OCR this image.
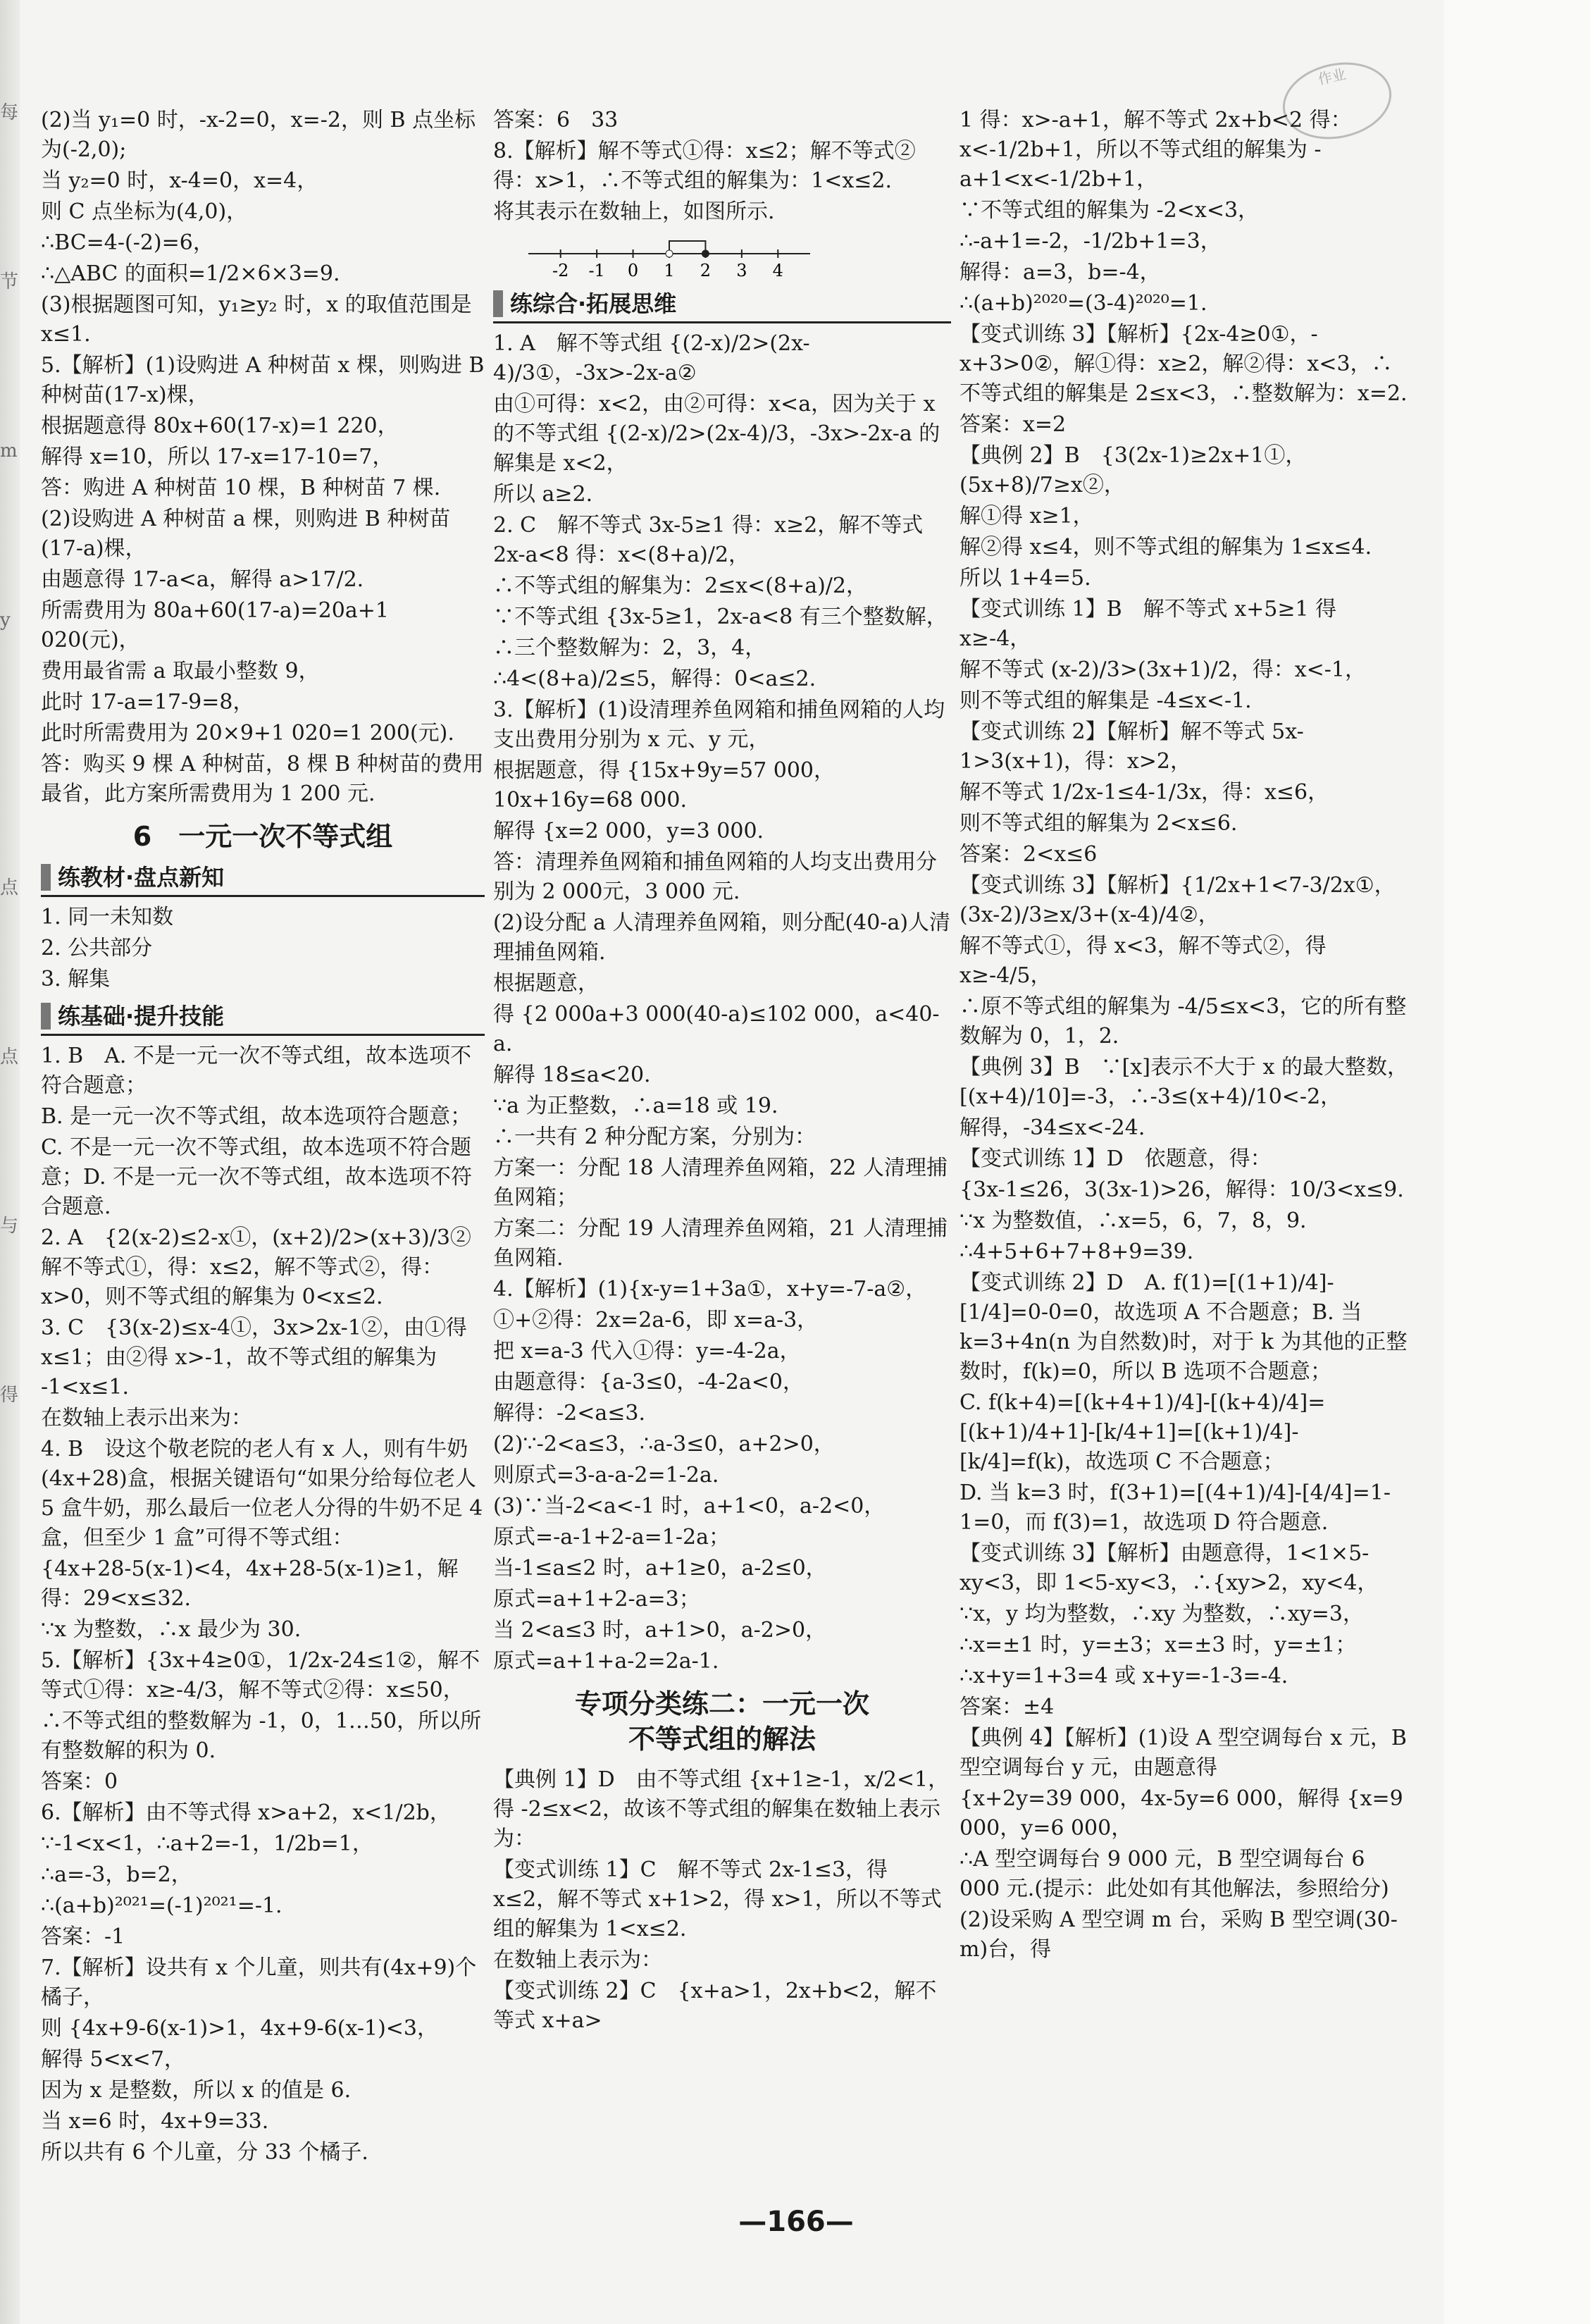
每
节
m
y
点
点
与
得
作业

(2)当 y₁=0 时，-x-2=0，x=-2，则 B 点坐标为(-2,0);

当 y₂=0 时，x-4=0，x=4，

则 C 点坐标为(4,0)，

∴BC=4-(-2)=6，

∴△ABC 的面积=1/2×6×3=9.

(3)根据题图可知，y₁≥y₂ 时，x 的取值范围是 x≤1.

5.【解析】(1)设购进 A 种树苗 x 棵，则购进 B 种树苗(17-x)棵，

根据题意得 80x+60(17-x)=1 220，

解得 x=10，所以 17-x=17-10=7，

答：购进 A 种树苗 10 棵，B 种树苗 7 棵.

(2)设购进 A 种树苗 a 棵，则购进 B 种树苗(17-a)棵，

由题意得 17-a<a，解得 a>17/2.

所需费用为 80a+60(17-a)=20a+1 020(元)，

费用最省需 a 取最小整数 9，

此时 17-a=17-9=8，

此时所需费用为 20×9+1 020=1 200(元).

答：购买 9 棵 A 种树苗，8 棵 B 种树苗的费用最省，此方案所需费用为 1 200 元.

6　一元一次不等式组
练教材·盘点新知

1. 同一未知数

2. 公共部分

3. 解集

练基础·提升技能

1. B　A. 不是一元一次不等式组，故本选项不符合题意；

B. 是一元一次不等式组，故本选项符合题意；

C. 不是一元一次不等式组，故本选项不符合题意；D. 不是一元一次不等式组，故本选项不符合题意.

2. A　{2(x-2)≤2-x①，(x+2)/2>(x+3)/3②　解不等式①，得：x≤2，解不等式②，得：x>0，则不等式组的解集为 0<x≤2.

3. C　{3(x-2)≤x-4①，3x>2x-1②，由①得 x≤1；由②得 x>-1，故不等式组的解集为 -1<x≤1.

在数轴上表示出来为：

4. B　设这个敬老院的老人有 x 人，则有牛奶(4x+28)盒，根据关键语句“如果分给每位老人 5 盒牛奶，那么最后一位老人分得的牛奶不足 4 盒，但至少 1 盒”可得不等式组：

{4x+28-5(x-1)<4，4x+28-5(x-1)≥1，解得：29<x≤32.

∵x 为整数，∴x 最少为 30.

5.【解析】{3x+4≥0①，1/2x-24≤1②，解不等式①得：x≥-4/3，解不等式②得：x≤50，

∴不等式组的整数解为 -1，0，1…50，所以所有整数解的积为 0.

答案：0

6.【解析】由不等式得 x>a+2，x<1/2b，

∵-1<x<1，∴a+2=-1，1/2b=1，

∴a=-3，b=2，

∴(a+b)²⁰²¹=(-1)²⁰²¹=-1.

答案：-1

7.【解析】设共有 x 个儿童，则共有(4x+9)个橘子，

则 {4x+9-6(x-1)>1，4x+9-6(x-1)<3，

解得 5<x<7，

因为 x 是整数，所以 x 的值是 6.

当 x=6 时，4x+9=33.

所以共有 6 个儿童，分 33 个橘子.

答案：6　33

8.【解析】解不等式①得：x≤2；解不等式②得：x>1，∴不等式组的解集为：1<x≤2.

将其表示在数轴上，如图所示.

-2 -1 0 1 2 3 4
练综合·拓展思维

1. A　解不等式组 {(2-x)/2>(2x-4)/3①，-3x>-2x-a②

由①可得：x<2，由②可得：x<a，因为关于 x 的不等式组 {(2-x)/2>(2x-4)/3，-3x>-2x-a 的解集是 x<2，

所以 a≥2.

2. C　解不等式 3x-5≥1 得：x≥2，解不等式 2x-a<8 得：x<(8+a)/2，

∴不等式组的解集为：2≤x<(8+a)/2，

∵不等式组 {3x-5≥1，2x-a<8 有三个整数解，

∴三个整数解为：2，3，4，

∴4<(8+a)/2≤5，解得：0<a≤2.

3.【解析】(1)设清理养鱼网箱和捕鱼网箱的人均支出费用分别为 x 元、y 元，

根据题意，得 {15x+9y=57 000，10x+16y=68 000.

解得 {x=2 000，y=3 000.

答：清理养鱼网箱和捕鱼网箱的人均支出费用分别为 2 000元，3 000 元.

(2)设分配 a 人清理养鱼网箱，则分配(40-a)人清理捕鱼网箱.

根据题意，

得 {2 000a+3 000(40-a)≤102 000，a<40-a.

解得 18≤a<20.

∵a 为正整数，∴a=18 或 19.

∴一共有 2 种分配方案，分别为：

方案一：分配 18 人清理养鱼网箱，22 人清理捕鱼网箱；

方案二：分配 19 人清理养鱼网箱，21 人清理捕鱼网箱.

4.【解析】(1){x-y=1+3a①，x+y=-7-a②，

①+②得：2x=2a-6，即 x=a-3，

把 x=a-3 代入①得：y=-4-2a，

由题意得：{a-3≤0，-4-2a<0，

解得：-2<a≤3.

(2)∵-2<a≤3，∴a-3≤0，a+2>0，

则原式=3-a-a-2=1-2a.

(3)∵当-2<a<-1 时，a+1<0，a-2<0，

原式=-a-1+2-a=1-2a；

当-1≤a≤2 时，a+1≥0，a-2≤0，

原式=a+1+2-a=3；

当 2<a≤3 时，a+1>0，a-2>0，

原式=a+1+a-2=2a-1.

专项分类练二：一元一次
不等式组的解法

【典例 1】D　由不等式组 {x+1≥-1，x/2<1，得 -2≤x<2，故该不等式组的解集在数轴上表示为：

【变式训练 1】C　解不等式 2x-1≤3，得 x≤2，解不等式 x+1>2，得 x>1，所以不等式组的解集为 1<x≤2.

在数轴上表示为：

【变式训练 2】C　{x+a>1，2x+b<2，解不等式 x+a>

1 得：x>-a+1，解不等式 2x+b<2 得：x<-1/2b+1，所以不等式组的解集为 -a+1<x<-1/2b+1，

∵不等式组的解集为 -2<x<3，

∴-a+1=-2，-1/2b+1=3，

解得：a=3，b=-4，

∴(a+b)²⁰²⁰=(3-4)²⁰²⁰=1.

【变式训练 3】【解析】{2x-4≥0①，-x+3>0②，解①得：x≥2，解②得：x<3，∴不等式组的解集是 2≤x<3，∴整数解为：x=2.

答案：x=2

【典例 2】B　{3(2x-1)≥2x+1①，(5x+8)/7≥x②，

解①得 x≥1，

解②得 x≤4，则不等式组的解集为 1≤x≤4.

所以 1+4=5.

【变式训练 1】B　解不等式 x+5≥1 得 x≥-4，

解不等式 (x-2)/3>(3x+1)/2，得：x<-1，

则不等式组的解集是 -4≤x<-1.

【变式训练 2】【解析】解不等式 5x-1>3(x+1)，得：x>2，

解不等式 1/2x-1≤4-1/3x，得：x≤6，

则不等式组的解集为 2<x≤6.

答案：2<x≤6

【变式训练 3】【解析】{1/2x+1<7-3/2x①，(3x-2)/3≥x/3+(x-4)/4②，

解不等式①，得 x<3，解不等式②，得 x≥-4/5，

∴原不等式组的解集为 -4/5≤x<3，它的所有整数解为 0，1，2.

【典例 3】B　∵[x]表示不大于 x 的最大整数，[(x+4)/10]=-3，∴-3≤(x+4)/10<-2，

解得，-34≤x<-24.

【变式训练 1】D　依题意，得：

{3x-1≤26，3(3x-1)>26，解得：10/3<x≤9.

∵x 为整数值，∴x=5，6，7，8，9.

∴4+5+6+7+8+9=39.

【变式训练 2】D　A. f(1)=[(1+1)/4]-[1/4]=0-0=0，故选项 A 不合题意；B. 当 k=3+4n(n 为自然数)时，对于 k 为其他的正整数时，f(k)=0，所以 B 选项不合题意；

C. f(k+4)=[(k+4+1)/4]-[(k+4)/4]=[(k+1)/4+1]-[k/4+1]=[(k+1)/4]-[k/4]=f(k)，故选项 C 不合题意；

D. 当 k=3 时，f(3+1)=[(4+1)/4]-[4/4]=1-1=0，而 f(3)=1，故选项 D 符合题意.

【变式训练 3】【解析】由题意得，1<1×5-xy<3，即 1<5-xy<3，∴{xy>2，xy<4，

∵x，y 均为整数，∴xy 为整数，∴xy=3，

∴x=±1 时，y=±3；x=±3 时，y=±1；

∴x+y=1+3=4 或 x+y=-1-3=-4.

答案：±4

【典例 4】【解析】(1)设 A 型空调每台 x 元，B 型空调每台 y 元，由题意得

{x+2y=39 000，4x-5y=6 000，解得 {x=9 000，y=6 000，

∴A 型空调每台 9 000 元，B 型空调每台 6 000 元.(提示：此处如有其他解法，参照给分)

(2)设采购 A 型空调 m 台，采购 B 型空调(30-m)台，得

—166—
